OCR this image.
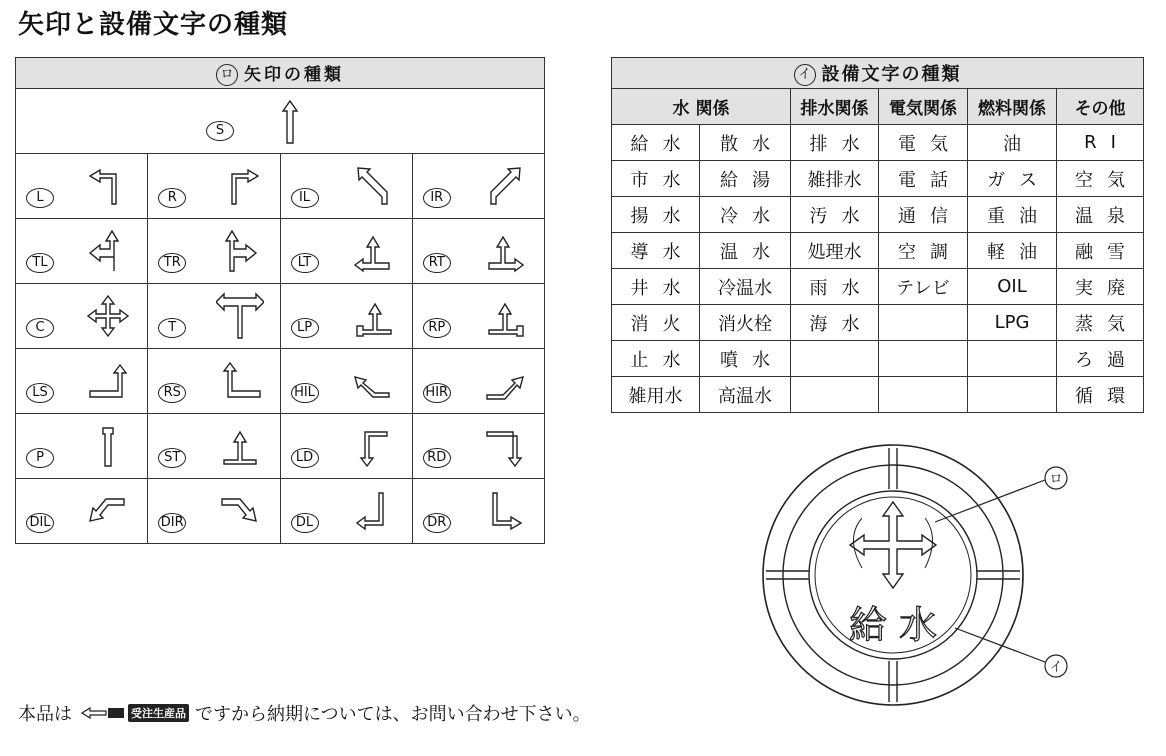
矢印と設備文字の種類
ロ 矢印の種類			

S			

L	R	IL	IR

TL	TR	LT	RT

C	T	LP	RP

LS	RS	HIL	HIR

P	ST	LD	RD

DIL	DIR	DL	DR
イ 設備文字の種類					
水 関係		排水関係	電気関係	燃料関係	その他
給水	散水	排水	電気	油	RI
市水	給湯	雑排水	電話	ガス	空気
揚水	冷水	汚水	通信	重油	温泉
導水	温水	処理水	空調	軽油	融雪
井水	冷温水	雨水	テレビ	OIL	実廃
消火	消火栓	海水		LPG	蒸気
止水	噴水				ろ過
雑用水	高温水				循環
給 水
ロ
イ
本品は	受注生産品 ですから納期については、お問い合わせ下さい。
